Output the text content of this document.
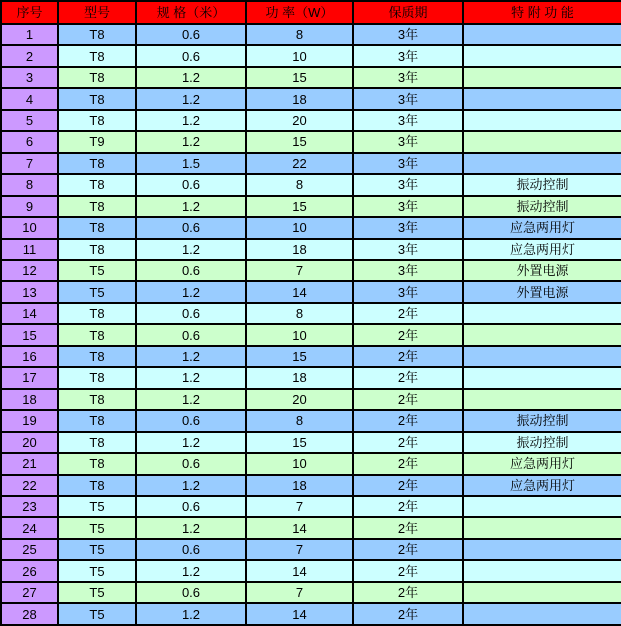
序号	型号	规 格（米）	功 率（W）	保质期	特 附 功 能
1	T8	0.6	8	3年	
2	T8	0.6	10	3年	
3	T8	1.2	15	3年	
4	T8	1.2	18	3年	
5	T8	1.2	20	3年	
6	T9	1.2	15	3年	
7	T8	1.5	22	3年	
8	T8	0.6	8	3年	振动控制
9	T8	1.2	15	3年	振动控制
10	T8	0.6	10	3年	应急两用灯
11	T8	1.2	18	3年	应急两用灯
12	T5	0.6	7	3年	外置电源
13	T5	1.2	14	3年	外置电源
14	T8	0.6	8	2年	
15	T8	0.6	10	2年	
16	T8	1.2	15	2年	
17	T8	1.2	18	2年	
18	T8	1.2	20	2年	
19	T8	0.6	8	2年	振动控制
20	T8	1.2	15	2年	振动控制
21	T8	0.6	10	2年	应急两用灯
22	T8	1.2	18	2年	应急两用灯
23	T5	0.6	7	2年	
24	T5	1.2	14	2年	
25	T5	0.6	7	2年	
26	T5	1.2	14	2年	
27	T5	0.6	7	2年	
28	T5	1.2	14	2年	
